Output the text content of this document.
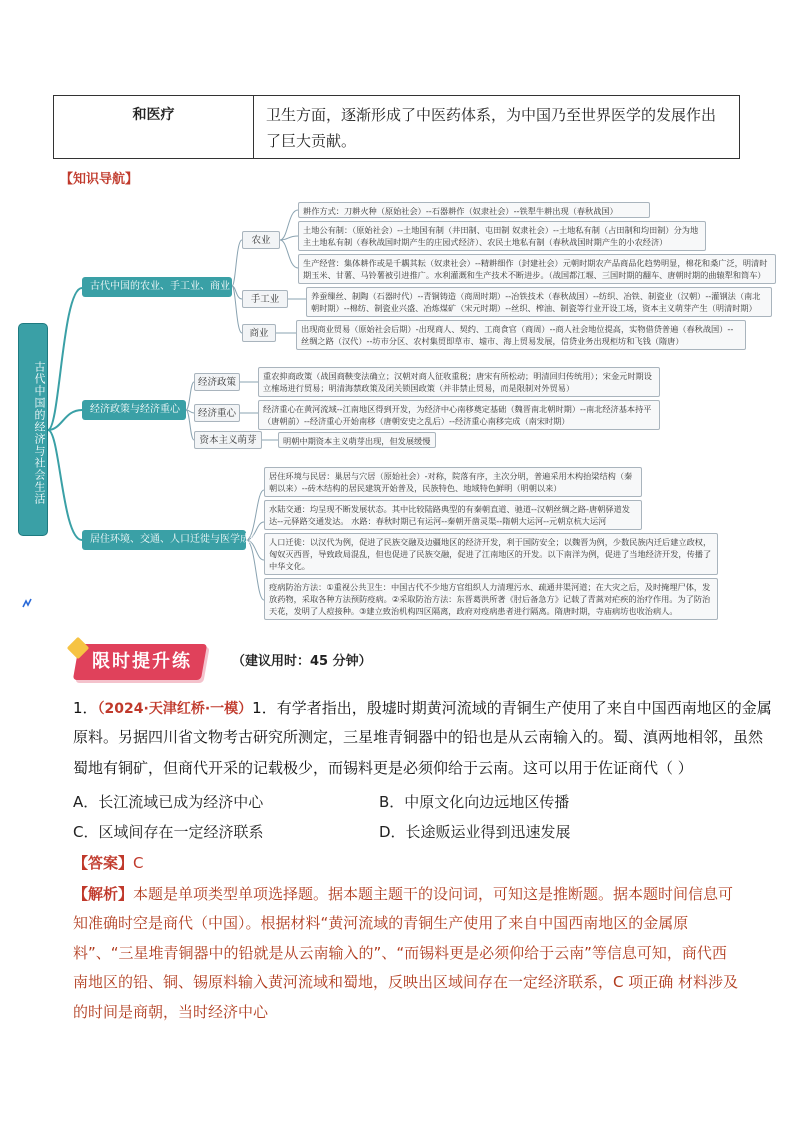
和医疗	卫生方面，逐渐形成了中医药体系，为中国乃至世界医学的发展作出了巨大贡献。
【知识导航】
古代中国的经济与社会生活
古代中国的农业、手工业、商业
经济政策与经济重心
居住环境、交通、人口迁徙与医学成就
农业
手工业
商业
经济政策
经济重心
资本主义萌芽
耕作方式：刀耕火种（原始社会）--石器耕作（奴隶社会）--铁犁牛耕出现（春秋战国）
土地公有制：（原始社会）--土地国有制（井田制、屯田制 奴隶社会）--土地私有制（占田制和均田制）分为地主土地私有制（春秋战国时期产生的庄园式经济）、农民土地私有制（春秋战国时期产生的小农经济）
生产经营：集体耕作或是千耦其耘（奴隶社会）--精耕细作（封建社会）元朝时期农产品商品化趋势明显，棉花和桑广泛，明清时期玉米、甘薯、马铃薯被引进推广。水利灌溉和生产技术不断进步。（战国都江堰、三国时期的翻车、唐朝时期的曲辕犁和筒车）
养蚕缫丝、制陶（石器时代）--青铜铸造（商周时期）--冶铁技术（春秋战国）--纺织、冶铁、制瓷业（汉朝）--灌钢法（南北朝时期）--棉纺、制瓷业兴盛、冶炼煤矿（宋元时期）--丝织、榨油、制瓷等行业开设工场，资本主义萌芽产生（明清时期）
出现商业贸易（原始社会后期）-出现商人、契约、工商食官（商周）--商人社会地位提高，实物借贷普遍（春秋战国）--丝绸之路（汉代）--坊市分区、农村集贸即草市、墟市、海上贸易发展，信贷业务出现柜坊和飞钱（隋唐）
重农抑商政策（战国商鞅变法确立；汉朝对商人征收重税；唐宋有所松动；明清回归传统用）；宋金元时期设立榷场进行贸易；明清海禁政策及闭关锁国政策（并非禁止贸易，而是限制对外贸易）
经济重心在黄河流域--江南地区得到开发，为经济中心南移奠定基础（魏晋南北朝时期）--南北经济基本持平（唐朝前）--经济重心开始南移（唐朝安史之乱后）--经济重心南移完成（南宋时期）
明朝中期资本主义萌芽出现，但发展缓慢
居住环境与民居：巢居与穴居（原始社会）-对称，院落有序，主次分明，普遍采用木构抬梁结构（秦朝以来）--砖木结构的居民建筑开始普及，民族特色、地域特色鲜明（明朝以来）
水陆交通：均呈现不断发展状态。其中比较陆路典型的有秦朝直道、驰道--汉朝丝绸之路-唐朝驿道发达--元驿路交通发达。 水路：春秋时期已有运河--秦朝开凿灵渠--隋朝大运河--元朝京杭大运河
人口迁徙：以汉代为例，促进了民族交融及边疆地区的经济开发，利于国防安全；以魏晋为例，少数民族内迁后建立政权，匈奴灭西晋，导致政局混乱，但也促进了民族交融，促进了江南地区的开发。以下南洋为例，促进了当地经济开发，传播了中华文化。
疫病防治方法：①重视公共卫生：中国古代不少地方官组织人力清理污水、疏通井渠河道；在大灾之后，及时掩埋尸体，发放药物，采取各种方法预防疫病。②采取防治方法：东晋葛洪所著《肘后备急方》记载了青蒿对疟疾的治疗作用。为了防治天花，发明了人痘接种。③建立致治机构四区隔离，政府对疫病患者进行隔离。隋唐时期，寺庙病坊也收治病人。
限时提升练	（建议用时：45 分钟）
1．（2024·天津红桥·一模）1．有学者指出，殷墟时期黄河流域的青铜生产使用了来自中国西南地区的金属
原料。另据四川省文物考古研究所测定，三星堆青铜器中的铅也是从云南输入的。蜀、滇两地相邻，虽然
蜀地有铜矿，但商代开采的记载极少，而锡料更是必须仰给于云南。这可以用于佐证商代（ ）
A．长江流域已成为经济中心	B．中原文化向边远地区传播
C．区域间存在一定经济联系	D．长途贩运业得到迅速发展
【答案】C
【解析】本题是单项类型单项选择题。据本题主题干的设问词，可知这是推断题。据本题时间信息可知准确时空是商代（中国）。根据材料“黄河流域的青铜生产使用了来自中国西南地区的金属原料”、“三星堆青铜器中的铅就是从云南输入的”、“而锡料更是必须仰给于云南”等信息可知，商代西南地区的铅、铜、锡原料输入黄河流域和蜀地，反映出区域间存在一定经济联系，C 项正确 材料涉及的时间是商朝，当时经济中心
